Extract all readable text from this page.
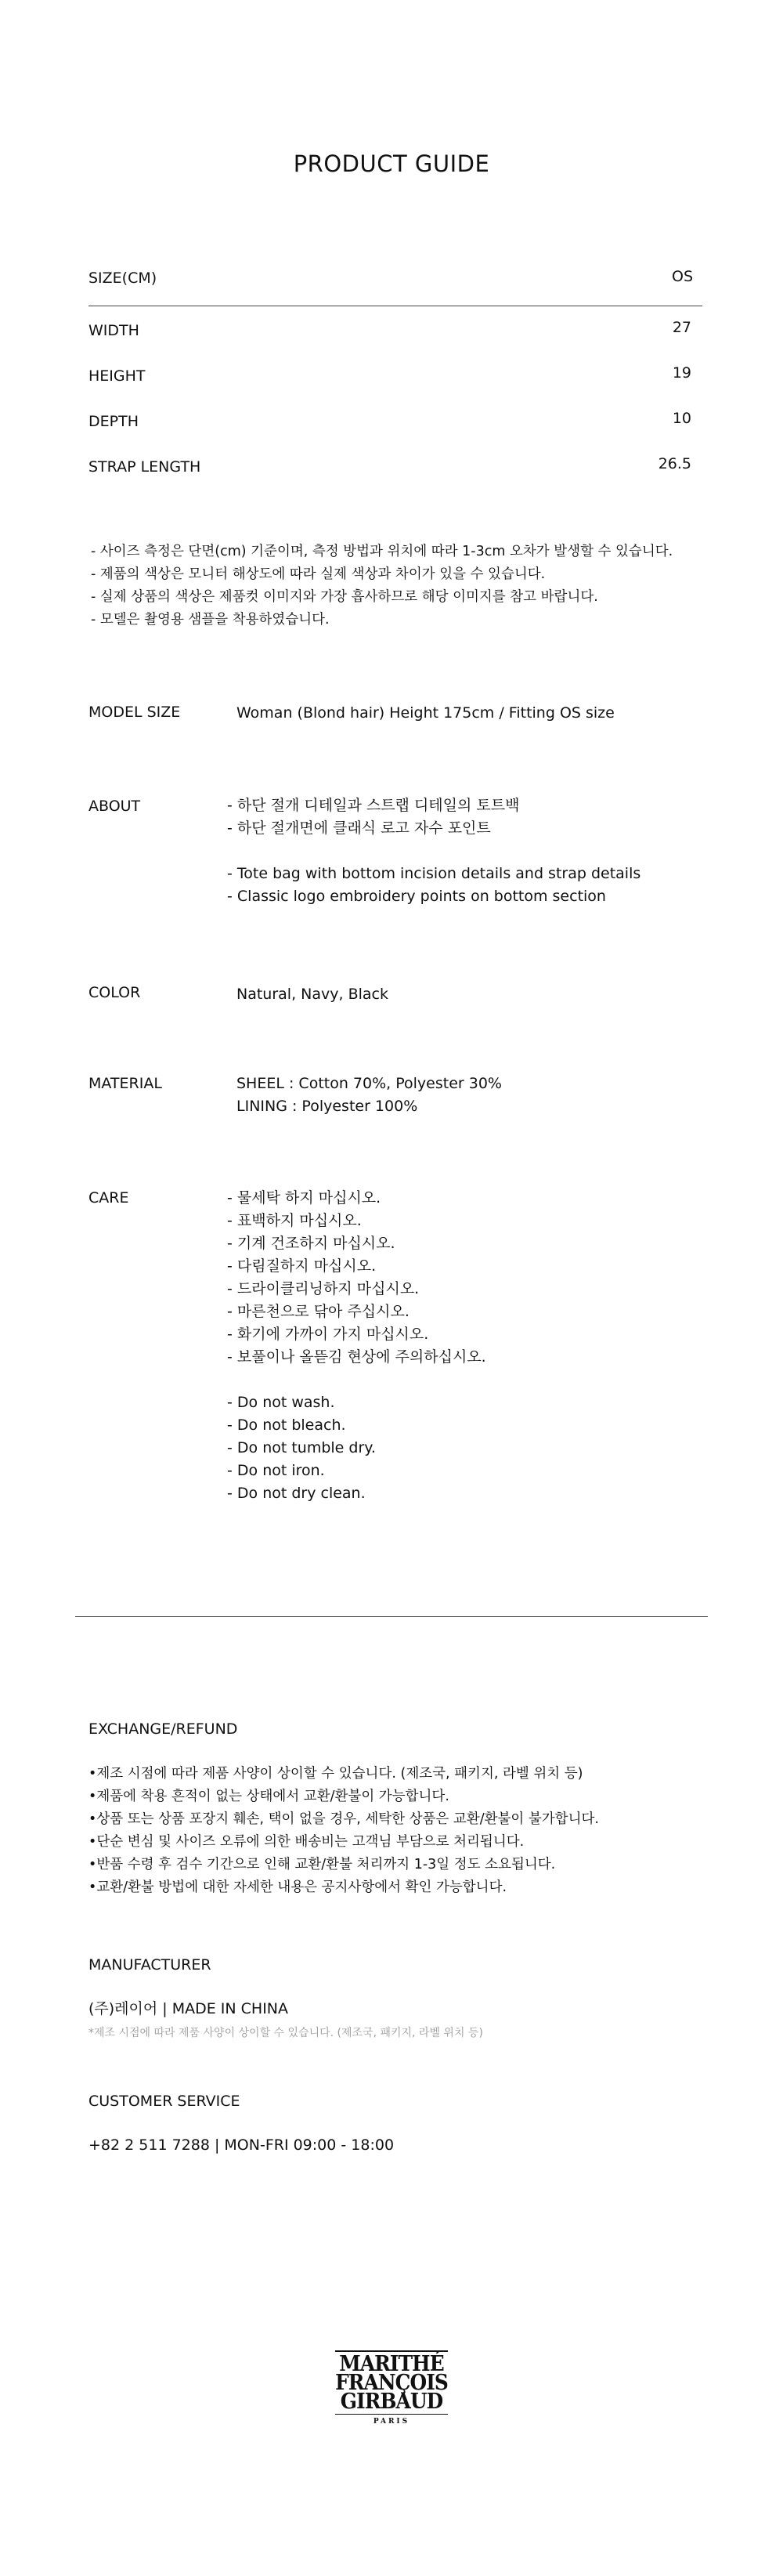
PRODUCT GUIDE
SIZE(CM)	OS
WIDTH	27
HEIGHT	19
DEPTH	10
STRAP LENGTH	26.5
- 사이즈 측정은 단면(cm) 기준이며, 측정 방법과 위치에 따라 1-3cm 오차가 발생할 수 있습니다.
- 제품의 색상은 모니터 해상도에 따라 실제 색상과 차이가 있을 수 있습니다.
- 실제 상품의 색상은 제품컷 이미지와 가장 흡사하므로 해당 이미지를 참고 바랍니다.
- 모델은 촬영용 샘플을 착용하였습니다.
MODEL SIZE	Woman (Blond hair) Height 175cm / Fitting OS size
ABOUT	- 하단 절개 디테일과 스트랩 디테일의 토트백
- 하단 절개면에 클래식 로고 자수 포인트
- Tote bag with bottom incision details and strap details
- Classic logo embroidery points on bottom section
COLOR	Natural, Navy, Black
MATERIAL	SHEEL : Cotton 70%, Polyester 30%
LINING : Polyester 100%
CARE	- 물세탁 하지 마십시오.
- 표백하지 마십시오.
- 기계 건조하지 마십시오.
- 다림질하지 마십시오.
- 드라이클리닝하지 마십시오.
- 마른천으로 닦아 주십시오.
- 화기에 가까이 가지 마십시오.
- 보풀이나 올뜯김 현상에 주의하십시오.
- Do not wash.
- Do not bleach.
- Do not tumble dry.
- Do not iron.
- Do not dry clean.
EXCHANGE/REFUND
•제조 시점에 따라 제품 사양이 상이할 수 있습니다. (제조국, 패키지, 라벨 위치 등)
•제품에 착용 흔적이 없는 상태에서 교환/환불이 가능합니다.
•상품 또는 상품 포장지 훼손, 택이 없을 경우, 세탁한 상품은 교환/환불이 불가합니다.
•단순 변심 및 사이즈 오류에 의한 배송비는 고객님 부담으로 처리됩니다.
•반품 수령 후 검수 기간으로 인해 교환/환불 처리까지 1-3일 정도 소요됩니다.
•교환/환불 방법에 대한 자세한 내용은 공지사항에서 확인 가능합니다.
MANUFACTURER
(주)레이어 | MADE IN CHINA
*제조 시점에 따라 제품 사양이 상이할 수 있습니다. (제조국, 패키지, 라벨 위치 등)
CUSTOMER SERVICE
+82 2 511 7288 | MON-FRI 09:00 - 18:00
MARITHÉ
FRANÇOIS
GIRBAUD
PARIS
